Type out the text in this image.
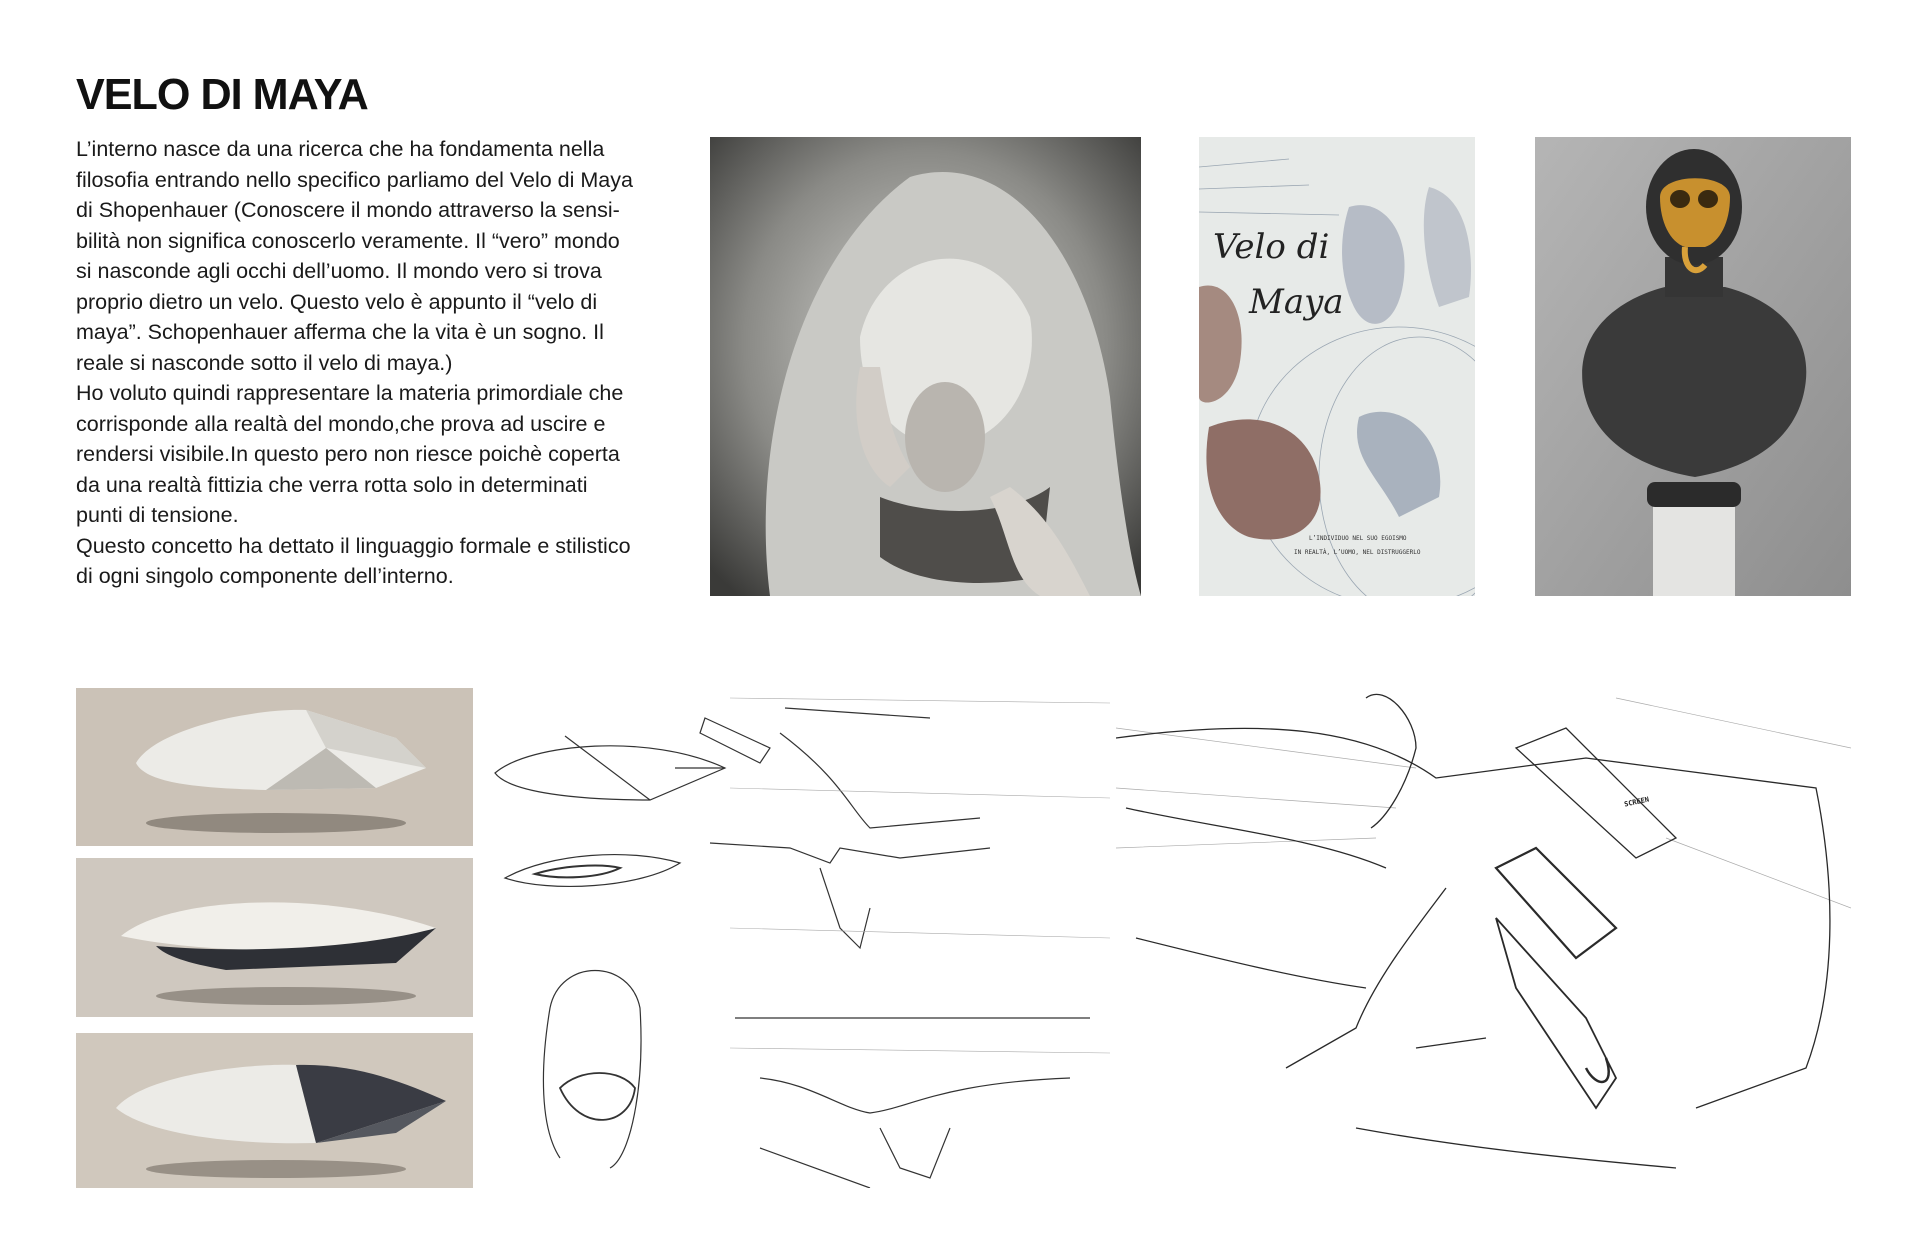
VELO DI MAYA
L’interno nasce da una ricerca che ha fondamenta nella
filosofia entrando nello specifico parliamo del Velo di Maya
di Shopenhauer (Conoscere il mondo attraverso la sensi-
bilità non significa conoscerlo veramente. Il “vero” mondo
si nasconde agli occhi dell’uomo. Il mondo vero si trova
proprio dietro un velo. Questo velo è appunto il “velo di
maya”. Schopenhauer afferma che la vita è un sogno. Il
reale si nasconde sotto il velo di maya.)
Ho voluto quindi rappresentare la materia primordiale che
corrisponde alla realtà del mondo,che prova ad uscire e
rendersi visibile.In questo pero non riesce poichè coperta
da una realtà fittizia che verra rotta solo in determinati
punti di tensione.
Questo concetto ha dettato il linguaggio formale e stilistico
di ogni singolo componente dell’interno.
Velo di
Maya
L’INDIVIDUO NEL SUO EGOISMO
IN REALTÀ, L’UOMO, NEL DISTRUGGERLO
SCREEN
